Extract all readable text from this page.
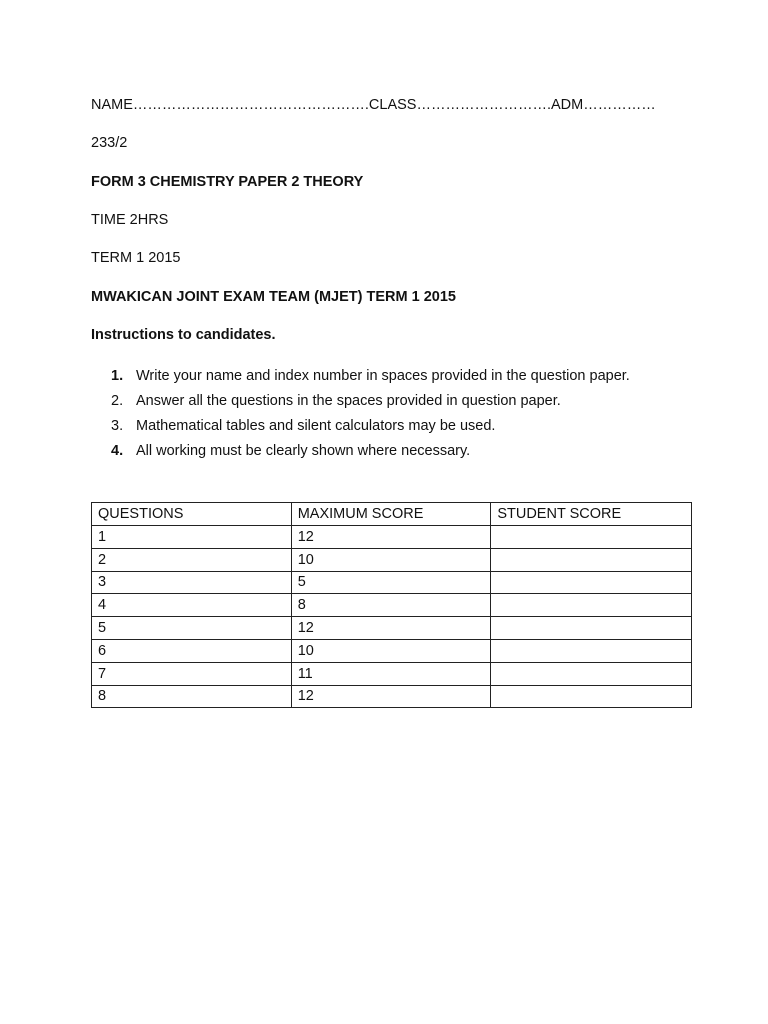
NAME………………………………………….CLASS……………………….ADM……………
233/2
FORM 3 CHEMISTRY PAPER 2 THEORY
TIME 2HRS
TERM 1 2015
MWAKICAN JOINT EXAM TEAM (MJET) TERM 1 2015
Instructions to candidates.
1. Write your name and index number in spaces provided in the question paper.
2. Answer all the questions in the spaces provided in question paper.
3. Mathematical tables and silent calculators may be used.
4. All working must be clearly shown where necessary.
QUESTIONS	MAXIMUM SCORE	STUDENT SCORE
1	12	
2	10	
3	5	
4	8	
5	12	
6	10	
7	11	
8	12	
